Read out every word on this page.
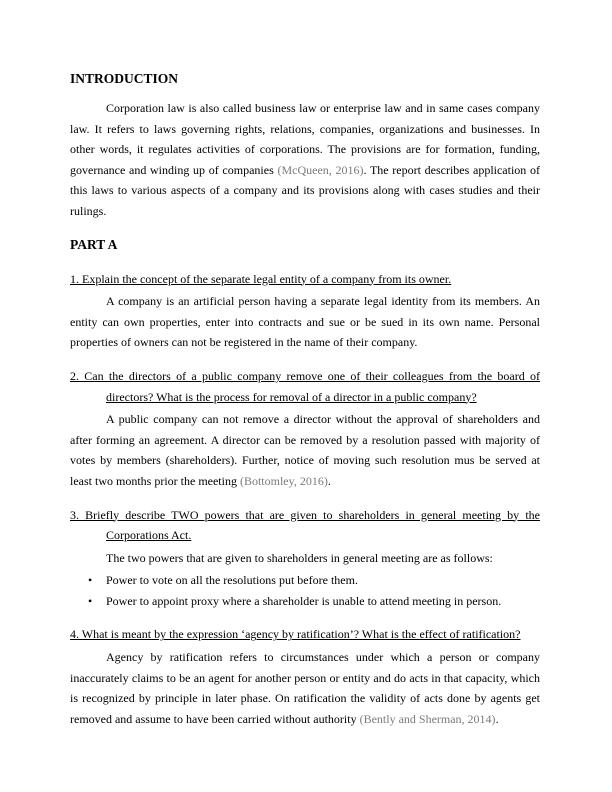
INTRODUCTION

Corporation law is also called business law or enterprise law and in same cases company law. It refers to laws governing rights, relations, companies, organizations and businesses. In other words, it regulates activities of corporations. The provisions are for formation, funding, governance and winding up of companies (McQueen, 2016). The report describes application of this laws to various aspects of a company and its provisions along with cases studies and their rulings.

PART A

1. Explain the concept of the separate legal entity of a company from its owner.

A company is an artificial person having a separate legal identity from its members. An entity can own properties, enter into contracts and sue or be sued in its own name. Personal properties of owners can not be registered in the name of their company.

2. Can the directors of a public company remove one of their colleagues from the board of directors? What is the process for removal of a director in a public company?

A public company can not remove a director without the approval of shareholders and after forming an agreement. A director can be removed by a resolution passed with majority of votes by members (shareholders). Further, notice of moving such resolution mus be served at least two months prior the meeting (Bottomley, 2016).

3. Briefly describe TWO powers that are given to shareholders in general meeting by the Corporations Act.

The two powers that are given to shareholders in general meeting are as follows:

• Power to vote on all the resolutions put before them.
• Power to appoint proxy where a shareholder is unable to attend meeting in person.

4. What is meant by the expression ‘agency by ratification’? What is the effect of ratification?

Agency by ratification refers to circumstances under which a person or company inaccurately claims to be an agent for another person or entity and do acts in that capacity, which is recognized by principle in later phase. On ratification the validity of acts done by agents get removed and assume to have been carried without authority (Bently and Sherman, 2014).
